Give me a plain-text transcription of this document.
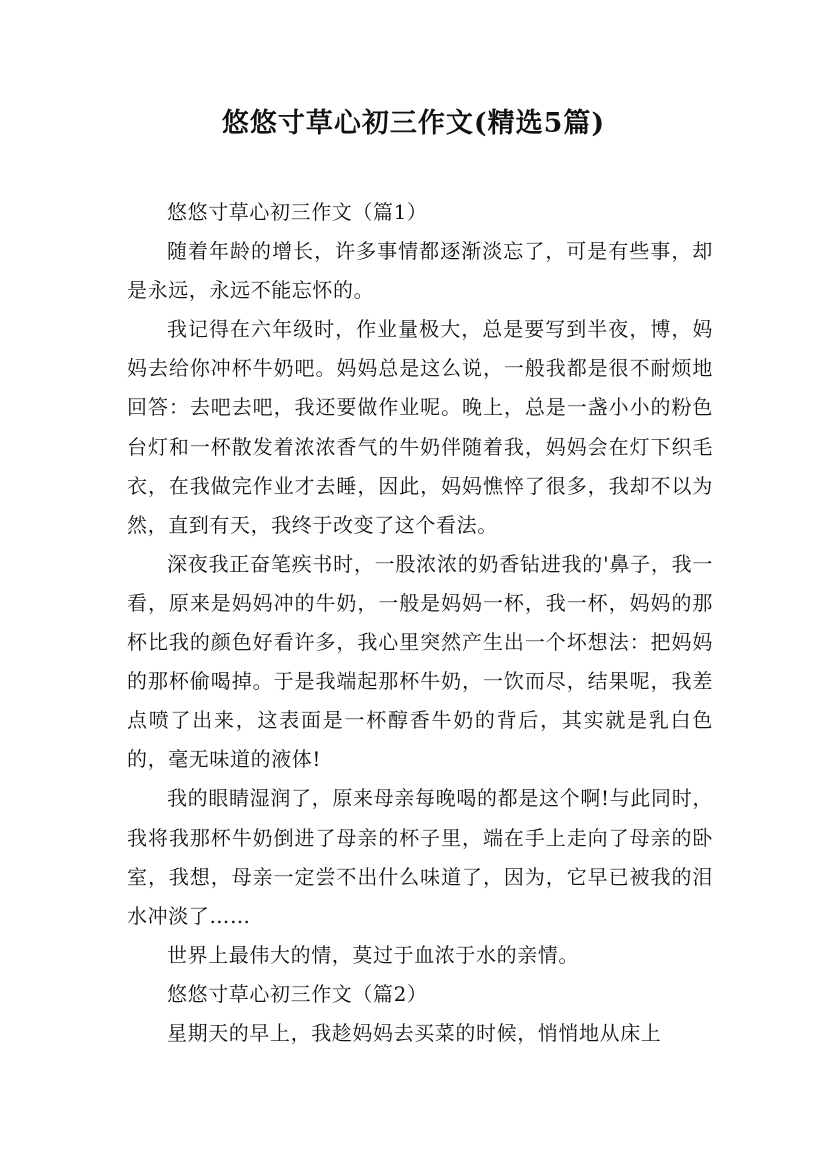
悠悠寸草心初三作文(精选5篇)

悠悠寸草心初三作文（篇1）

随着年龄的增长，许多事情都逐渐淡忘了，可是有些事，却是永远，永远不能忘怀的。

我记得在六年级时，作业量极大，总是要写到半夜，博，妈妈去给你冲杯牛奶吧。妈妈总是这么说，一般我都是很不耐烦地回答：去吧去吧，我还要做作业呢。晚上，总是一盏小小的粉色台灯和一杯散发着浓浓香气的牛奶伴随着我，妈妈会在灯下织毛衣，在我做完作业才去睡，因此，妈妈憔悴了很多，我却不以为然，直到有天，我终于改变了这个看法。

深夜我正奋笔疾书时，一股浓浓的奶香钻进我的'鼻子，我一看，原来是妈妈冲的牛奶，一般是妈妈一杯，我一杯，妈妈的那杯比我的颜色好看许多，我心里突然产生出一个坏想法：把妈妈的那杯偷喝掉。于是我端起那杯牛奶，一饮而尽，结果呢，我差点喷了出来，这表面是一杯醇香牛奶的背后，其实就是乳白色的，毫无味道的液体!

我的眼睛湿润了，原来母亲每晚喝的都是这个啊!与此同时，我将我那杯牛奶倒进了母亲的杯子里，端在手上走向了母亲的卧室，我想，母亲一定尝不出什么味道了，因为，它早已被我的泪水冲淡了……

世界上最伟大的情，莫过于血浓于水的亲情。

悠悠寸草心初三作文（篇2）

星期天的早上，我趁妈妈去买菜的时候，悄悄地从床上
